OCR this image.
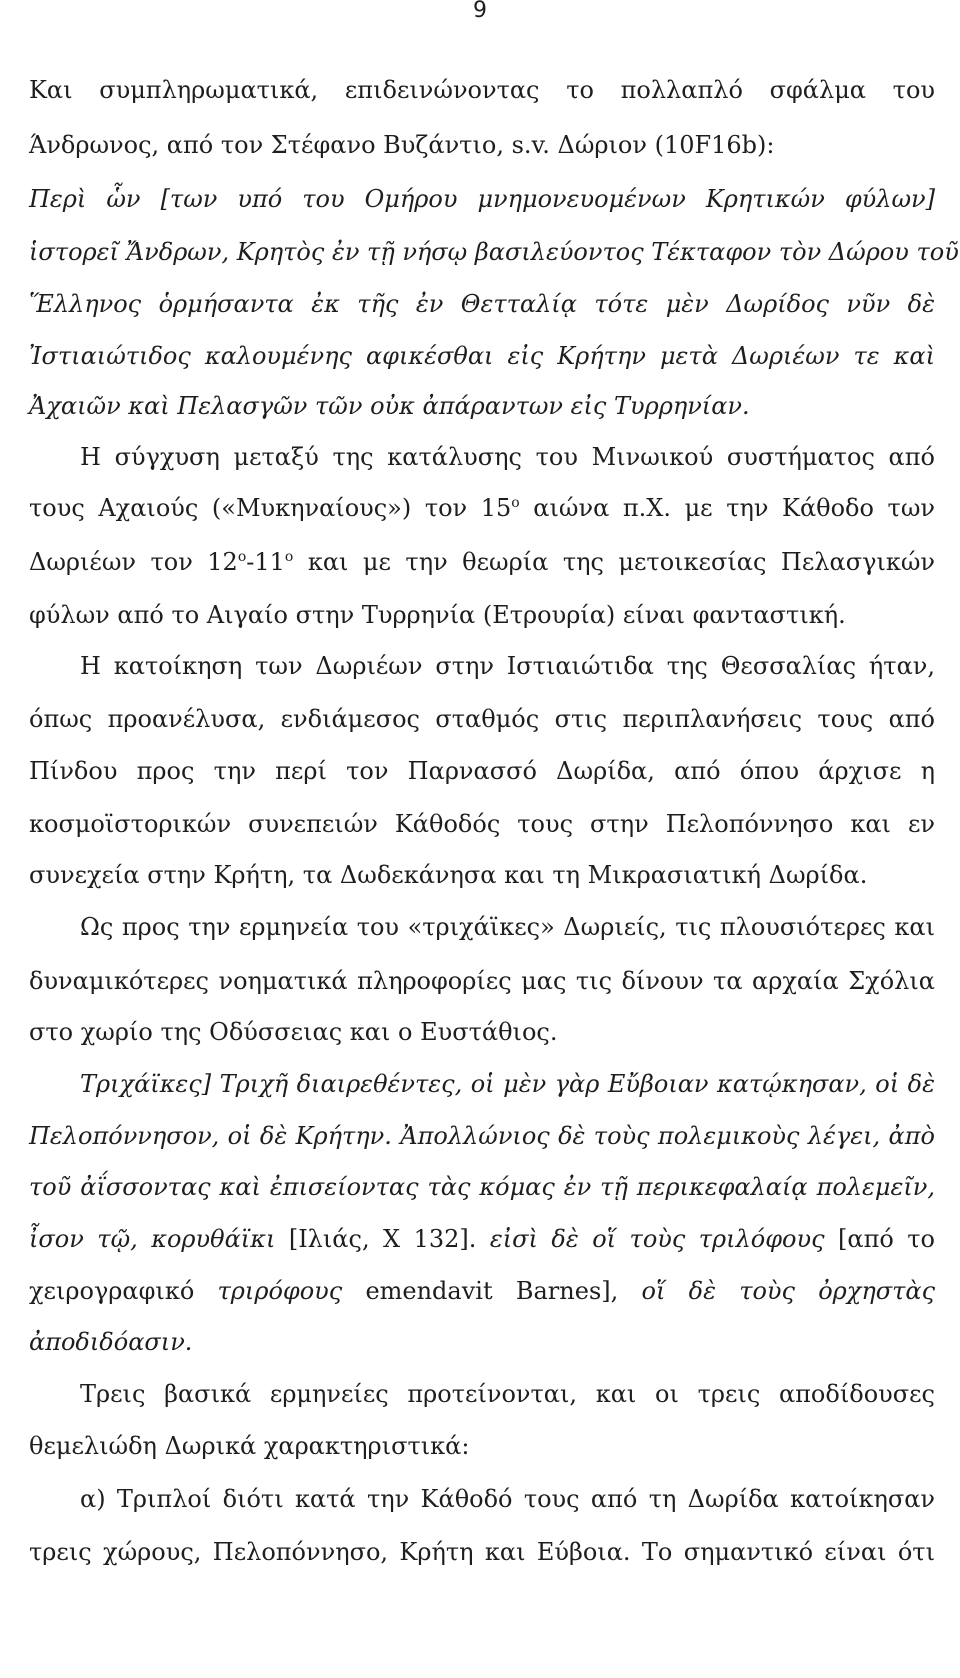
9
Και συμπληρωματικά, επιδεινώνοντας το πολλαπλό σφάλμα του
Άνδρωνος, από τον Στέφανο Βυζάντιο, s.v. Δώριον (10F16b):
Περὶ ὧν [των υπό του Ομήρου μνημονευομένων Κρητικών φύλων]
ἱστορεῖ Ἄνδρων, Κρητὸς ἐν τῇ νήσῳ βασιλεύοντος Τέκταφον τὸν Δώρου τοῦ
Ἕλληνος ὁρμήσαντα ἐκ τῆς ἐν Θετταλίᾳ τότε μὲν Δωρίδος νῦν δὲ
Ἰστιαιώτιδος καλουμένης αφικέσθαι εἰς Κρήτην μετὰ Δωριέων τε καὶ
Ἀχαιῶν καὶ Πελασγῶν τῶν οὐκ ἀπάραντων εἰς Τυρρηνίαν.
Η σύγχυση μεταξύ της κατάλυσης του Μινωικού συστήματος από
τους Αχαιούς («Μυκηναίους») τον $15^o$ αιώνα π.Χ. με την Κάθοδο των
Δωριέων τον $12^o-11^o$ και με την θεωρία της μετοικεσίας Πελασγικών
φύλων από το Αιγαίο στην Τυρρηνία (Ετρουρία) είναι φανταστική.
Η κατοίκηση των Δωριέων στην Ιστιαιώτιδα της Θεσσαλίας ήταν,
όπως προανέλυσα, ενδιάμεσος σταθμός στις περιπλανήσεις τους από
Πίνδου προς την περί τον Παρνασσό Δωρίδα, από όπου άρχισε η
κοσμοϊστορικών συνεπειών Κάθοδός τους στην Πελοπόννησο και εν
συνεχεία στην Κρήτη, τα Δωδεκάνησα και τη Μικρασιατική Δωρίδα.
Ως προς την ερμηνεία του «τριχάϊκες» Δωριείς, τις πλουσιότερες και
δυναμικότερες νοηματικά πληροφορίες μας τις δίνουν τα αρχαία Σχόλια
στο χωρίο της Οδύσσειας και ο Ευστάθιος.
Τριχάϊκες] Τριχῆ διαιρεθέντες, οἱ μὲν γὰρ Εὔβοιαν κατῴκησαν, οἱ δὲ
Πελοπόννησον, οἱ δὲ Κρήτην. Ἀπολλώνιος δὲ τοὺς πολεμικοὺς λέγει, ἀπὸ
τοῦ ἀΐσσοντας καὶ ἐπισείοντας τὰς κόμας ἐν τῇ περικεφαλαίᾳ πολεμεῖν,
ἶσον τῷ, κορυθάϊκι [Ιλιάς, Χ 132]. εἰσὶ δὲ οἵ τοὺς τριλόφους [από το
χειρογραφικό τριρόφους emendavit Barnes], οἵ δὲ τοὺς ὀρχηστὰς
ἀποδιδόασιν.
Τρεις βασικά ερμηνείες προτείνονται, και οι τρεις αποδίδουσες
θεμελιώδη Δωρικά χαρακτηριστικά:
α) Τριπλοί διότι κατά την Κάθοδό τους από τη Δωρίδα κατοίκησαν
τρεις χώρους, Πελοπόννησο, Κρήτη και Εύβοια. Το σημαντικό είναι ότι
